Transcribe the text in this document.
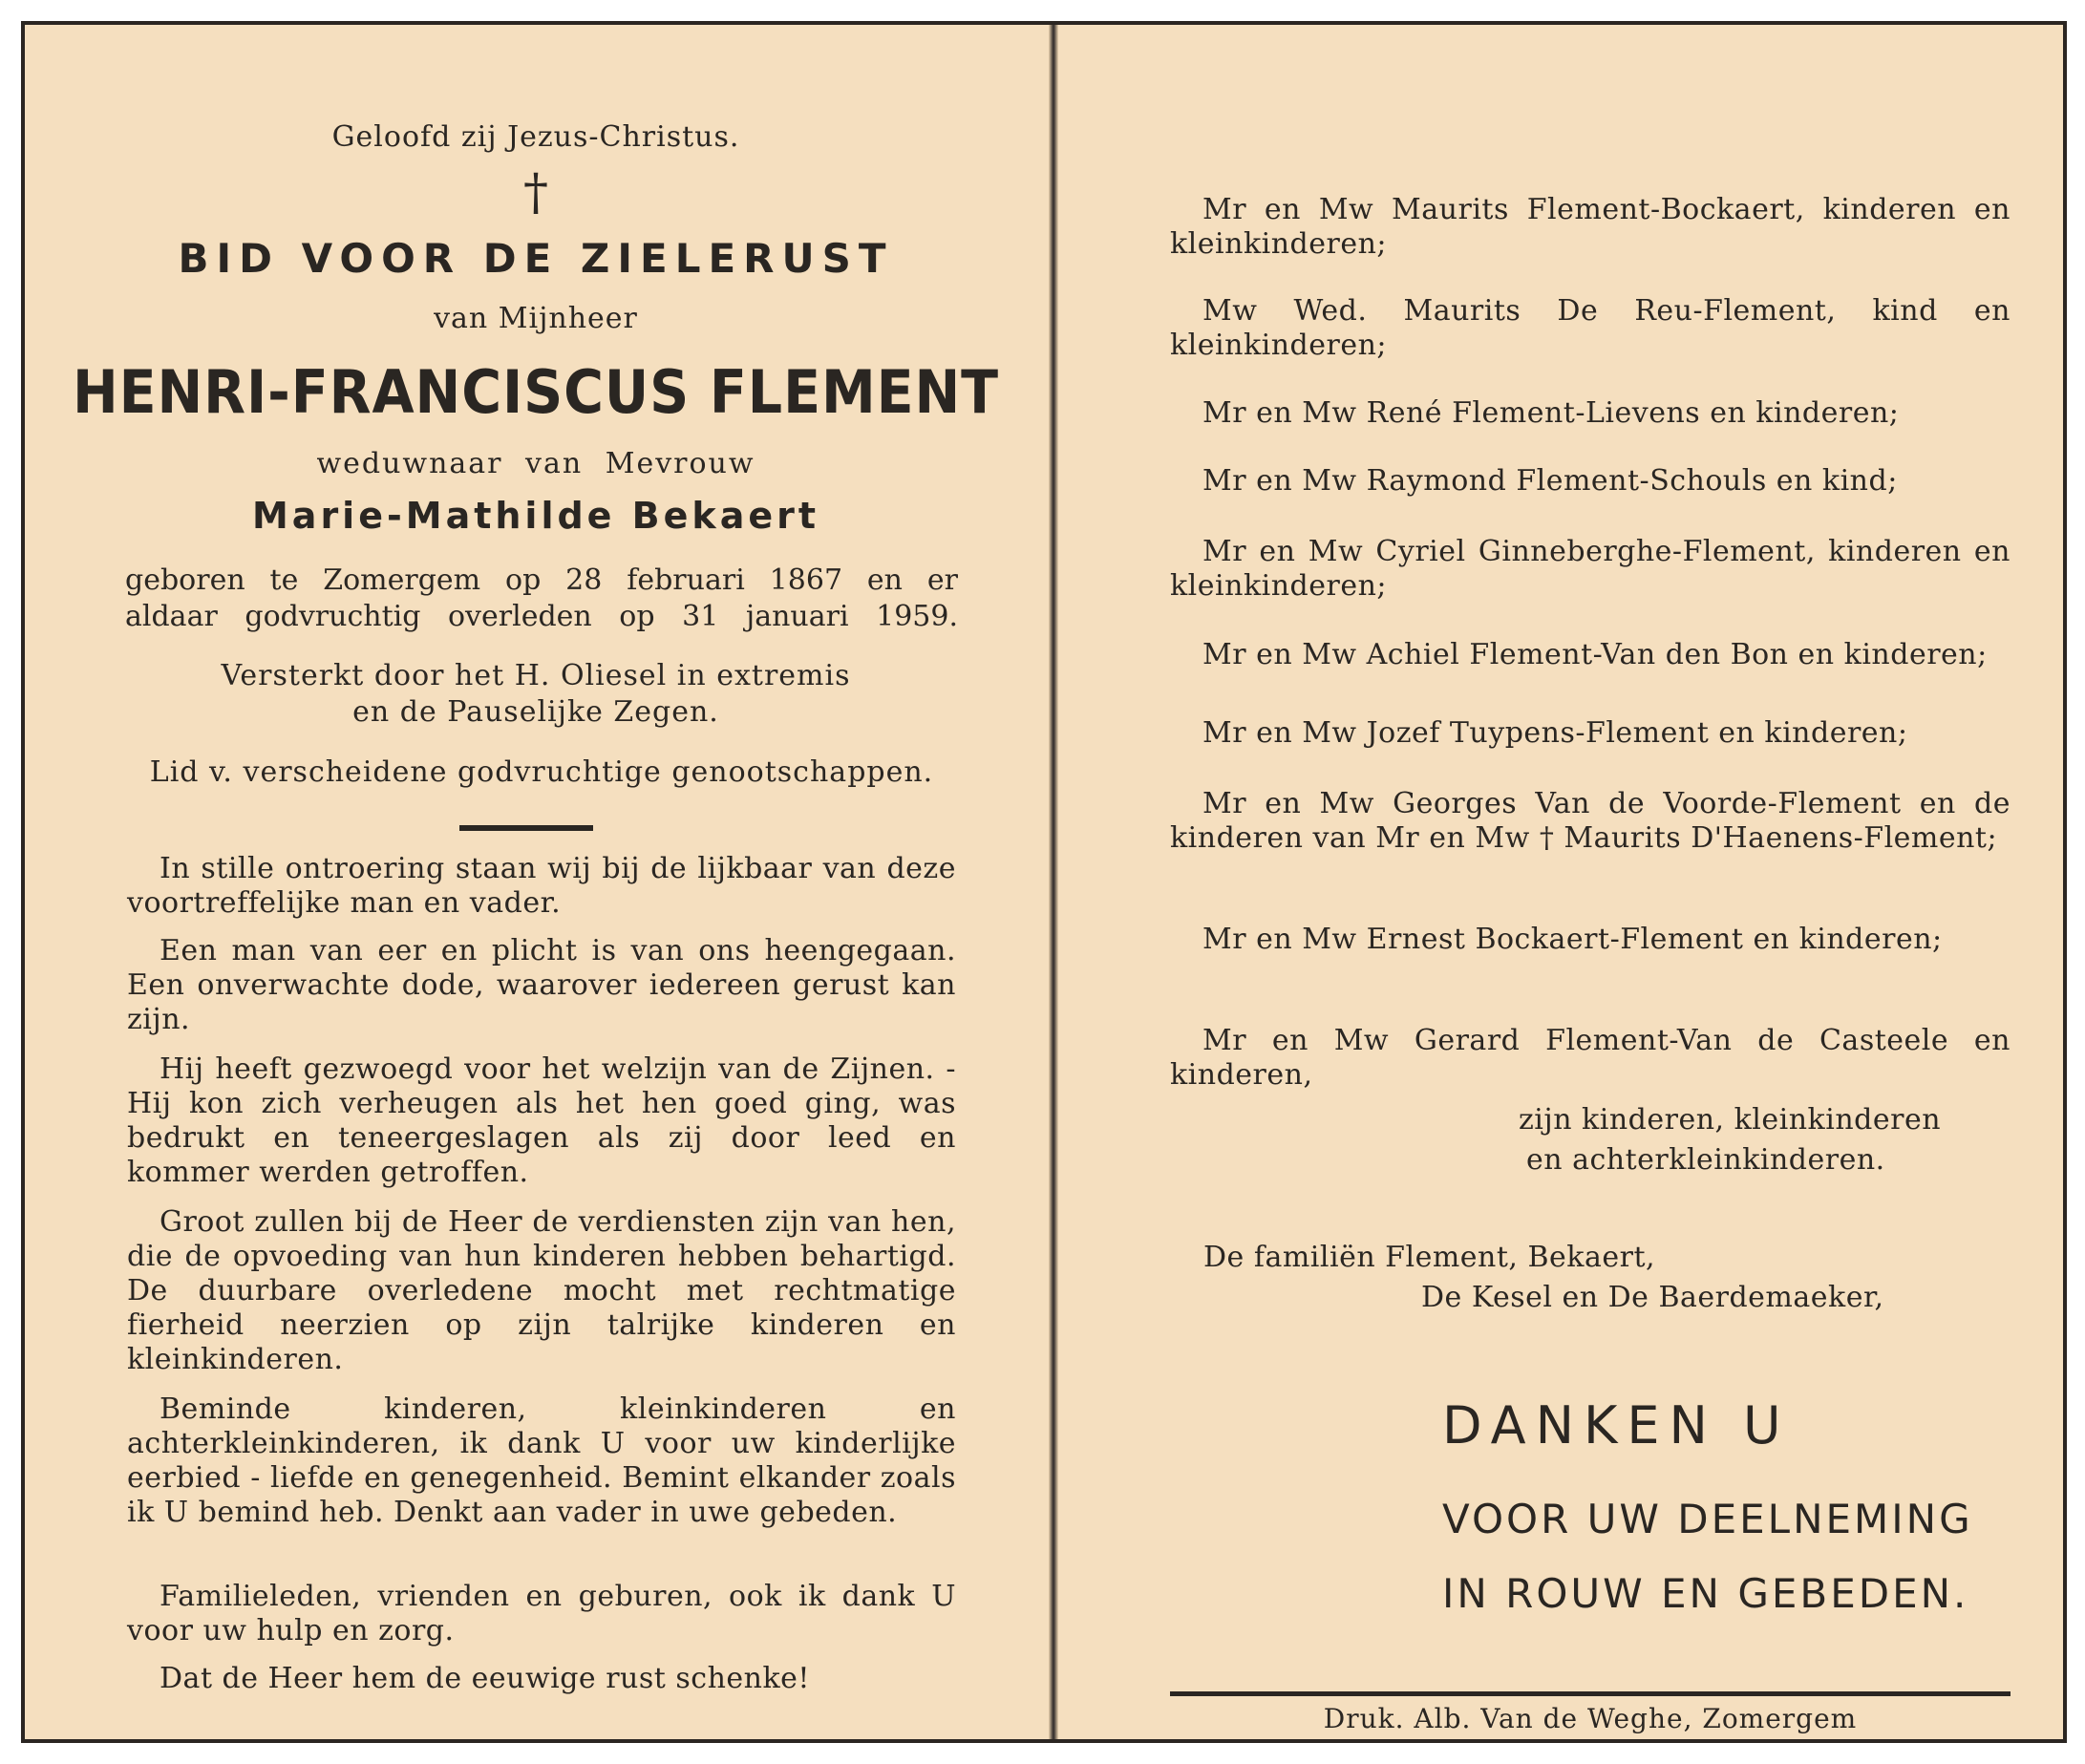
Geloofd zij Jezus-Christus.
†
BID VOOR DE ZIELERUST
van Mijnheer
HENRI-FRANCISCUS FLEMENT
weduwnaar van Mevrouw
Marie-Mathilde Bekaert
geboren te Zomergem op 28 februari 1867 en er
aldaar godvruchtig overleden op 31 januari 1959.
Versterkt door het H. Oliesel in extremis
en de Pauselijke Zegen.
Lid v. verscheidene godvruchtige genootschappen.

In stille ontroering staan wij bij de lijkbaar van deze voortreffelijke man en vader.

Een man van eer en plicht is van ons heengegaan. Een onverwachte dode, waarover iedereen gerust kan zijn.

Hij heeft gezwoegd voor het welzijn van de Zijnen. - Hij kon zich verheugen als het hen goed ging, was bedrukt en teneergeslagen als zij door leed en kommer werden getroffen.

Groot zullen bij de Heer de verdiensten zijn van hen, die de opvoeding van hun kinderen hebben behartigd. De duurbare overledene mocht met rechtmatige fierheid neerzien op zijn talrijke kinderen en kleinkinderen.

Beminde kinderen, kleinkinderen en achterkleinkinderen, ik dank U voor uw kinderlijke eerbied - liefde en genegenheid. Bemint elkander zoals ik U bemind heb. Denkt aan vader in uwe gebeden.

Familieleden, vrienden en geburen, ook ik dank U voor uw hulp en zorg.

Dat de Heer hem de eeuwige rust schenke!

Mr en Mw Maurits Flement-Bockaert, kinderen en kleinkinderen;

Mw Wed. Maurits De Reu-Flement, kind en kleinkinderen;

Mr en Mw René Flement-Lievens en kinderen;

Mr en Mw Raymond Flement-Schouls en kind;

Mr en Mw Cyriel Ginneberghe-Flement, kinderen en kleinkinderen;

Mr en Mw Achiel Flement-Van den Bon en kinderen;

Mr en Mw Jozef Tuypens-Flement en kinderen;

Mr en Mw Georges Van de Voorde-Flement en de kinderen van Mr en Mw † Maurits D'Haenens-Flement;

Mr en Mw Ernest Bockaert-Flement en kinderen;

Mr en Mw Gerard Flement-Van de Casteele en kinderen,

zijn kinderen, kleinkinderen
en achterkleinkinderen.
De familiën Flement, Bekaert,
De Kesel en De Baerdemaeker,
DANKEN U
VOOR UW DEELNEMING
IN ROUW EN GEBEDEN.
Druk. Alb. Van de Weghe, Zomergem
